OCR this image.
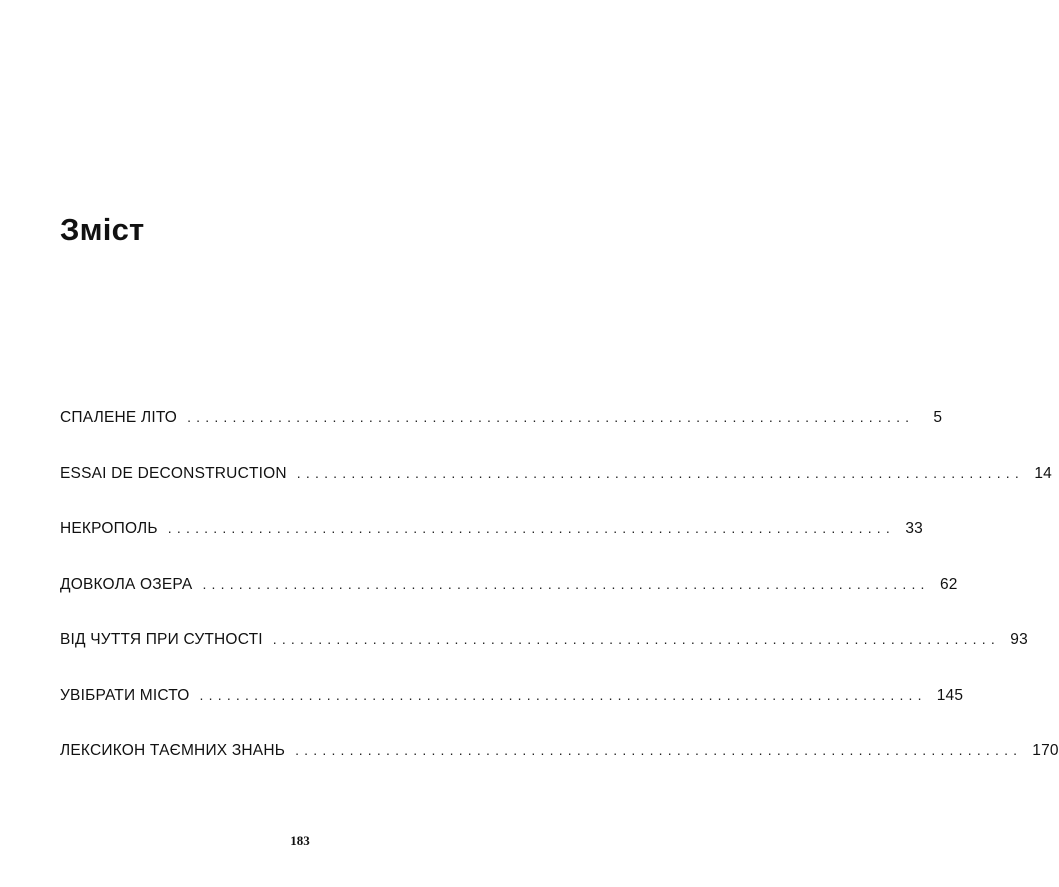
Зміст
СПАЛЕНЕ ЛІТО ................................................................................	5
ESSAI DE DECONSTRUCTION ................................................................................ 14
НЕКРОПОЛЬ ................................................................................ 33
ДОВКОЛА ОЗЕРА ................................................................................ 62
ВІД ЧУТТЯ ПРИ СУТНОСТІ ................................................................................ 93
УВІБРАТИ МІСТО ................................................................................ 145
ЛЕКСИКОН ТАЄМНИХ ЗНАНЬ ................................................................................ 170
183
